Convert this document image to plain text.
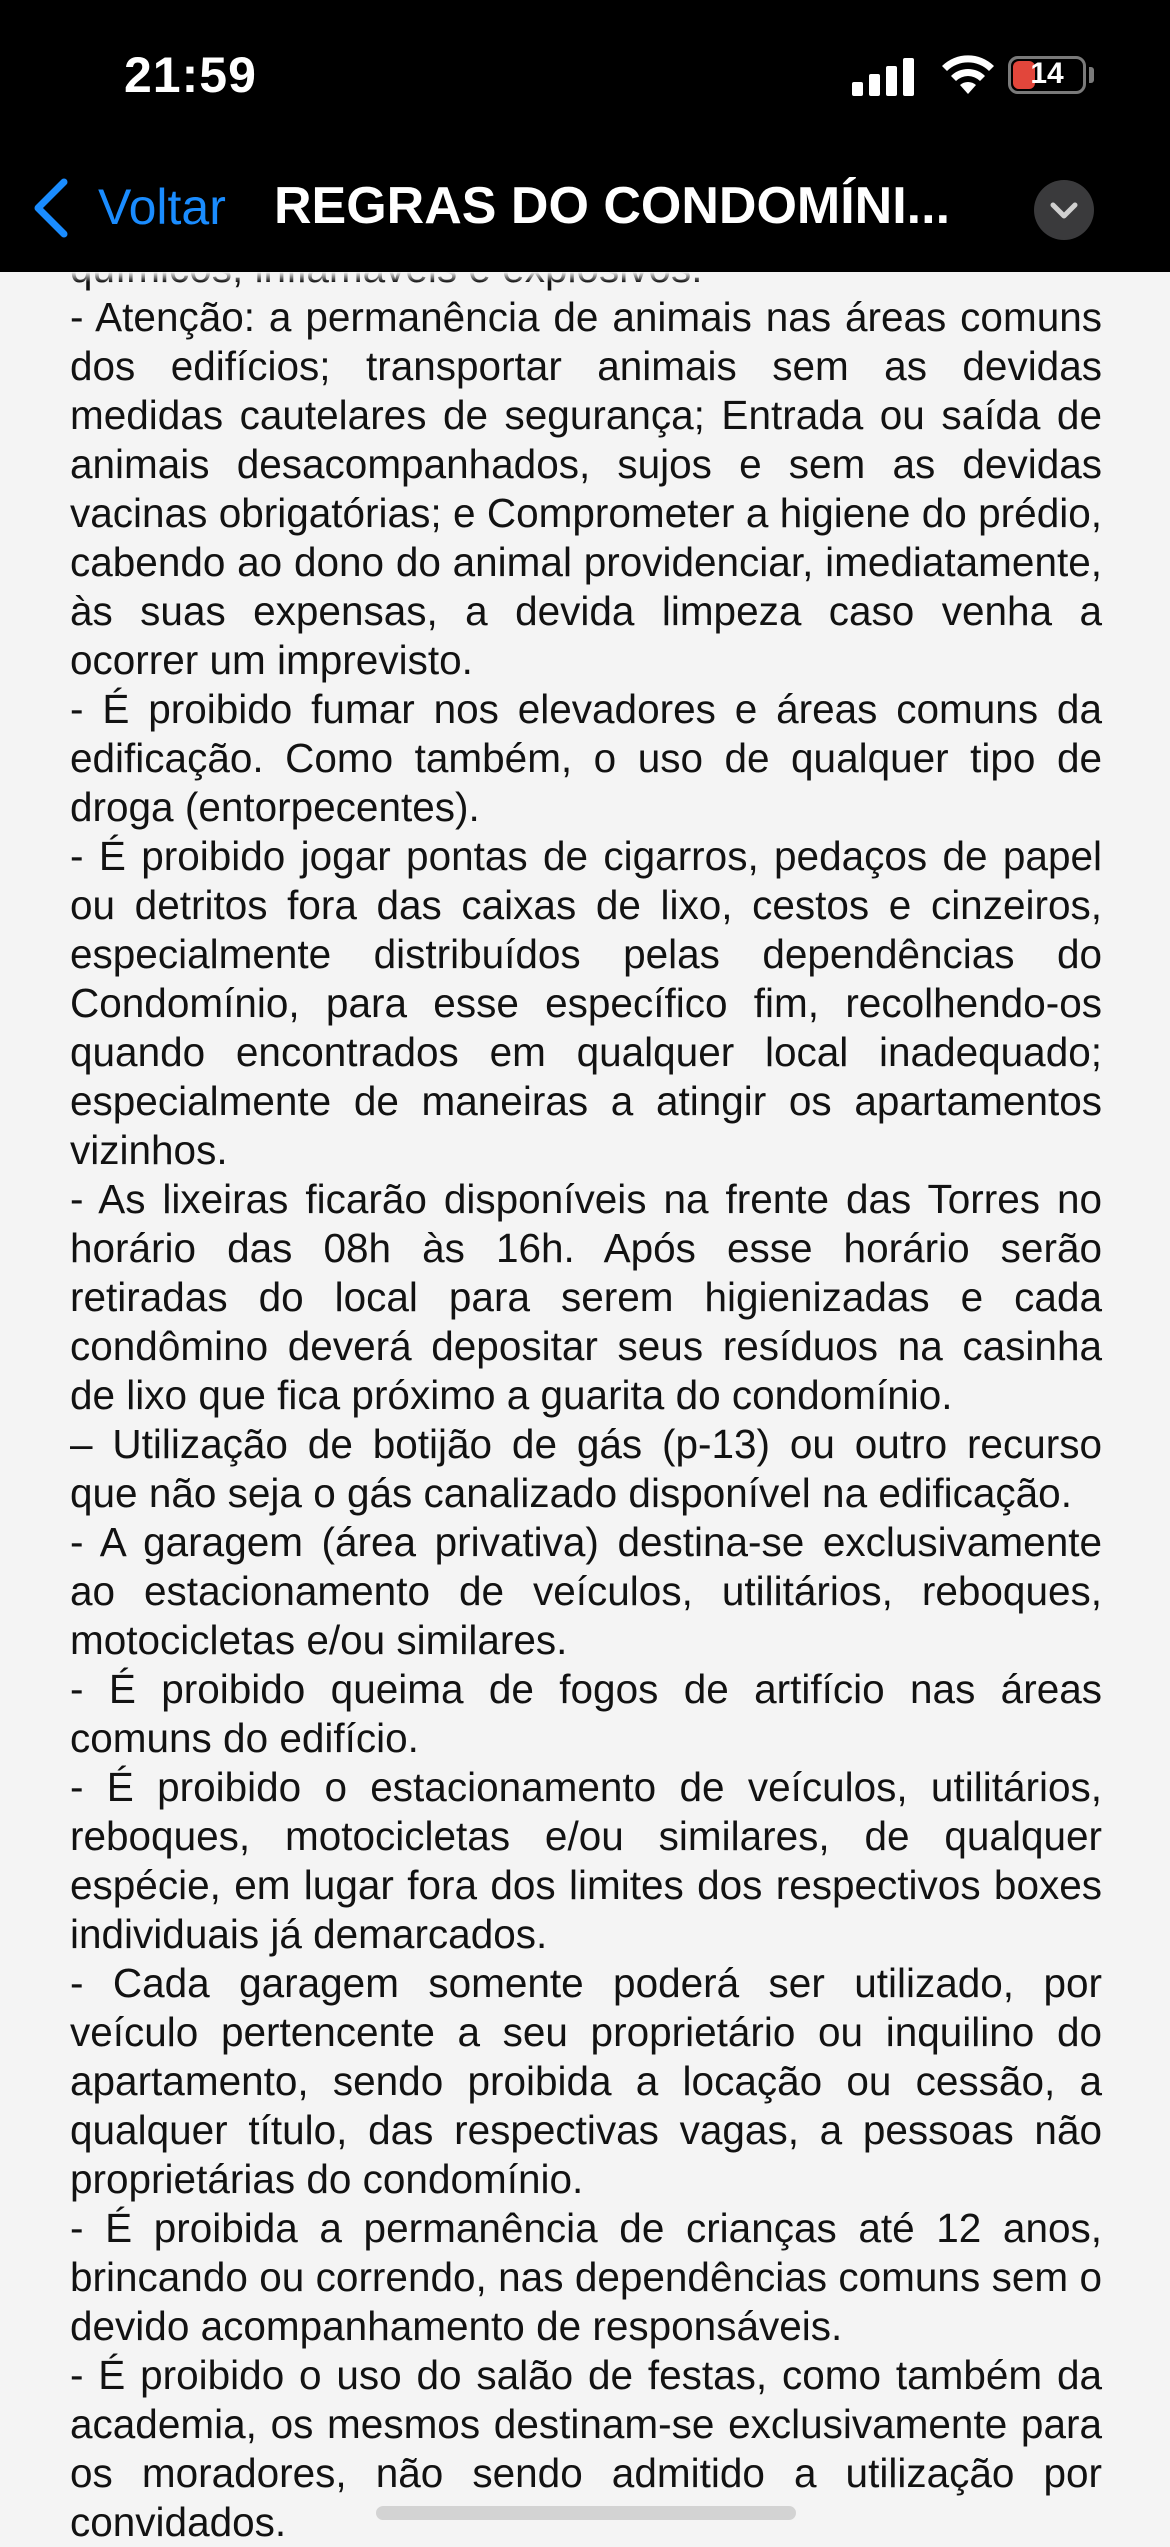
21:59	14
Voltar REGRAS DO CONDOMÍNI...

- Atenção: a permanência de animais nas áreas comuns dos edifícios; transportar animais sem as devidas medidas cautelares de segurança; Entrada ou saída de animais desacompanhados, sujos e sem as devidas vacinas obrigatórias; e Comprometer a higiene do prédio, cabendo ao dono do animal providenciar, imediatamente, às suas expensas, a devida limpeza caso venha a ocorrer um imprevisto.

- É proibido fumar nos elevadores e áreas comuns da edificação. Como também, o uso de qualquer tipo de droga (entorpecentes).

- É proibido jogar pontas de cigarros, pedaços de papel ou detritos fora das caixas de lixo, cestos e cinzeiros, especialmente distribuídos pelas dependências do Condomínio, para esse específico fim, recolhendo-os quando encontrados em qualquer local inadequado; especialmente de maneiras a atingir os apartamentos vizinhos.

- As lixeiras ficarão disponíveis na frente das Torres no horário das 08h às 16h. Após esse horário serão retiradas do local para serem higienizadas e cada condômino deverá depositar seus resíduos na casinha de lixo que fica próximo a guarita do condomínio.

– Utilização de botijão de gás (p-13) ou outro recurso que não seja o gás canalizado disponível na edificação.

- A garagem (área privativa) destina-se exclusivamente ao estacionamento de veículos, utilitários, reboques, motocicletas e/ou similares.

- É proibido queima de fogos de artifício nas áreas comuns do edifício.

- É proibido o estacionamento de veículos, utilitários, reboques, motocicletas e/ou similares, de qualquer espécie, em lugar fora dos limites dos respectivos boxes individuais já demarcados.

- Cada garagem somente poderá ser utilizado, por veículo pertencente a seu proprietário ou inquilino do apartamento, sendo proibida a locação ou cessão, a qualquer título, das respectivas vagas, a pessoas não proprietárias do condomínio.

- É proibida a permanência de crianças até 12 anos, brincando ou correndo, nas dependências comuns sem o devido acompanhamento de responsáveis.

- É proibido o uso do salão de festas, como também da academia, os mesmos destinam-se exclusivamente para os moradores, não sendo admitido a utilização por convidados.
